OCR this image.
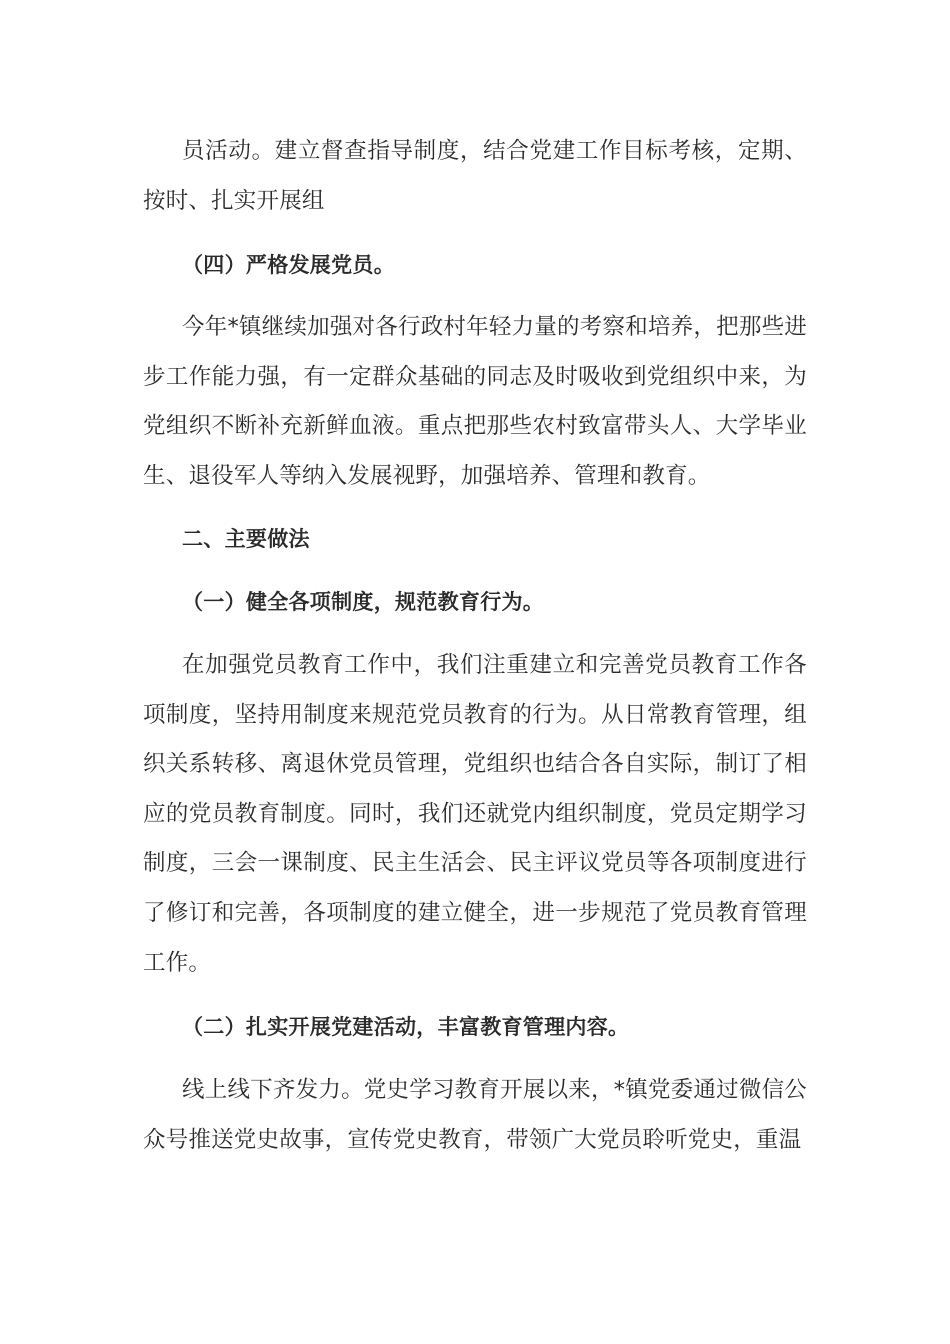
员活动。建立督查指导制度，结合党建工作目标考核，定期、按时、扎实开展组

（四）严格发展党员。

今年*镇继续加强对各行政村年轻力量的考察和培养，把那些进步工作能力强，有一定群众基础的同志及时吸收到党组织中来，为党组织不断补充新鲜血液。重点把那些农村致富带头人、大学毕业生、退役军人等纳入发展视野，加强培养、管理和教育。

二、主要做法

（一）健全各项制度，规范教育行为。

在加强党员教育工作中，我们注重建立和完善党员教育工作各项制度，坚持用制度来规范党员教育的行为。从日常教育管理，组织关系转移、离退休党员管理，党组织也结合各自实际，制订了相应的党员教育制度。同时，我们还就党内组织制度，党员定期学习制度，三会一课制度、民主生活会、民主评议党员等各项制度进行了修订和完善，各项制度的建立健全，进一步规范了党员教育管理工作。

（二）扎实开展党建活动，丰富教育管理内容。

线上线下齐发力。党史学习教育开展以来，*镇党委通过微信公众号推送党史故事，宣传党史教育，带领广大党员聆听党史，重温
